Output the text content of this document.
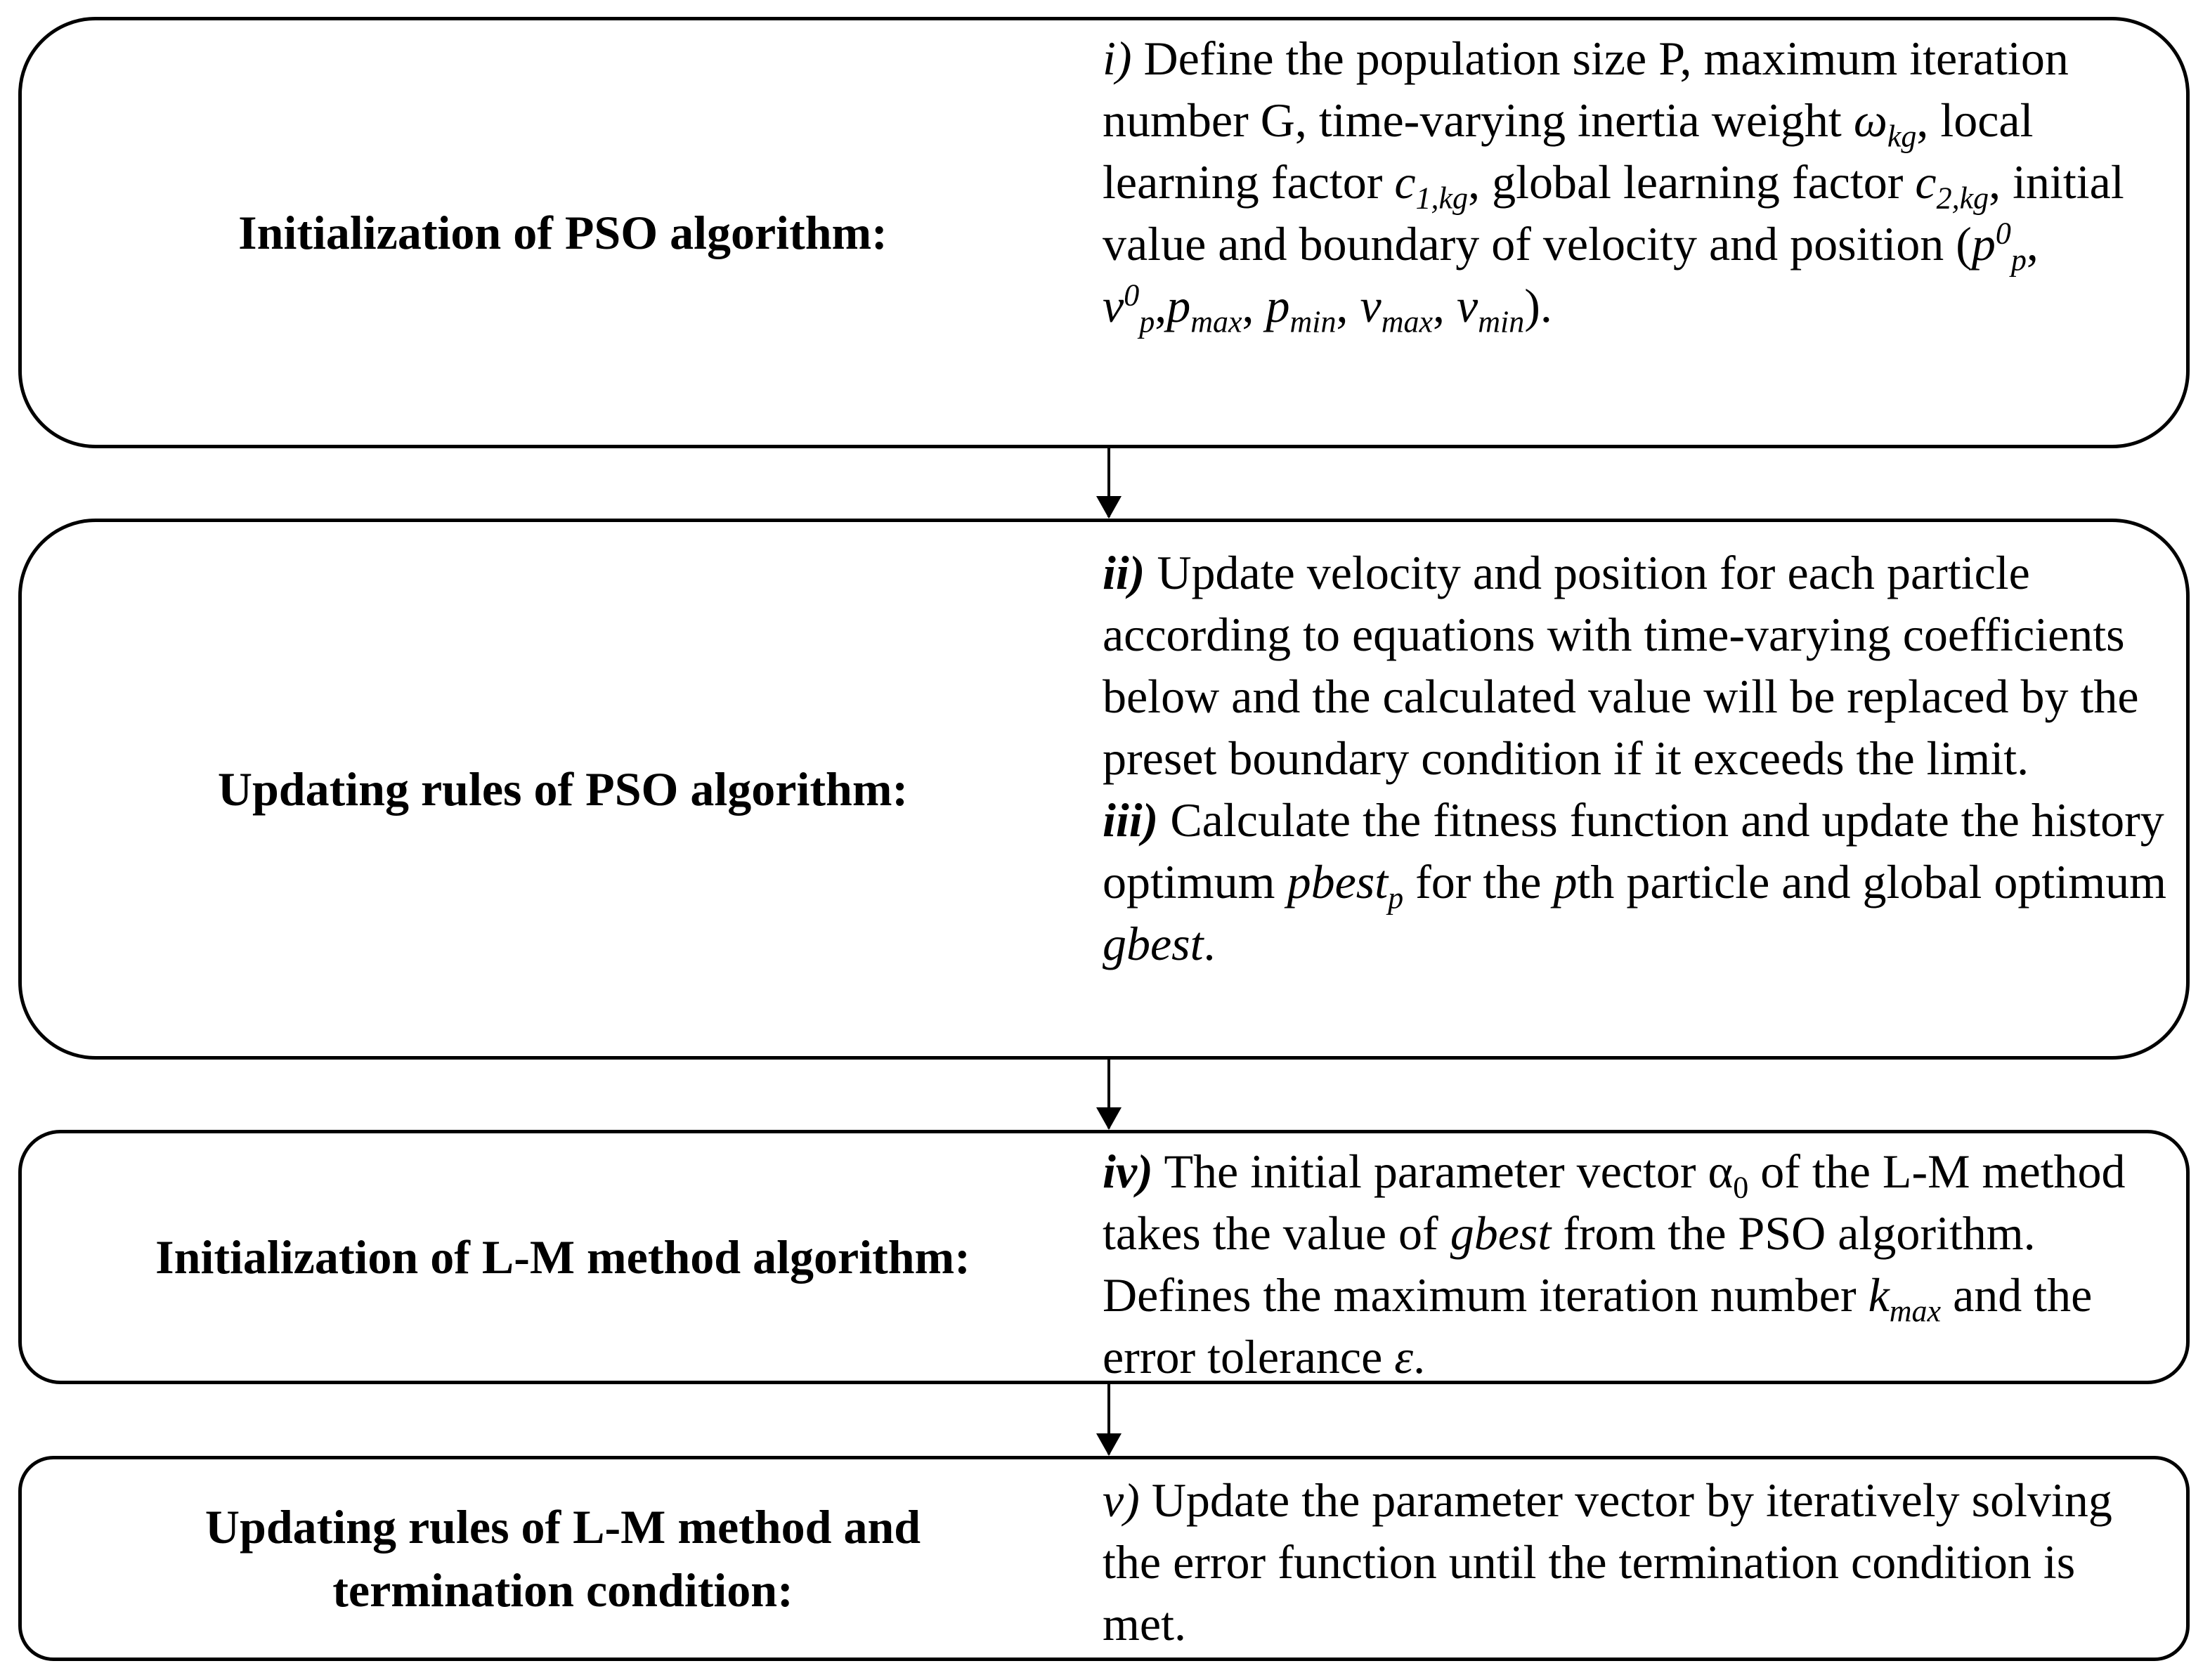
Initialization of PSO algorithm:
i) Define the population size P, maximum iteration number G, time-varying inertia weight $\omega_{kg}$, local learning factor $c_{1,kg}$, global learning factor $c_{2,kg}$, initial value and boundary of velocity and position ($p^0_p$, $v^0_p,p_{max}$, $p_{min}$, $v_{max}$, $v_{min}$).
Updating rules of PSO algorithm:
ii) Update velocity and position for each particle according to equations with time-varying coefficients below and the calculated value will be replaced by the preset boundary condition if it exceeds the limit.
iii) Calculate the fitness function and update the history optimum pbest$_p$ for the pth particle and global optimum gbest.
Initialization of L-M method algorithm:
iv) The initial parameter vector $\alpha_0$ of the L-M method takes the value of gbest from the PSO algorithm. Defines the maximum iteration number $k_{max}$ and the error tolerance ε.
Updating rules of L-M method and
termination condition:
v) Update the parameter vector by iteratively solving the error function until the termination condition is met.
